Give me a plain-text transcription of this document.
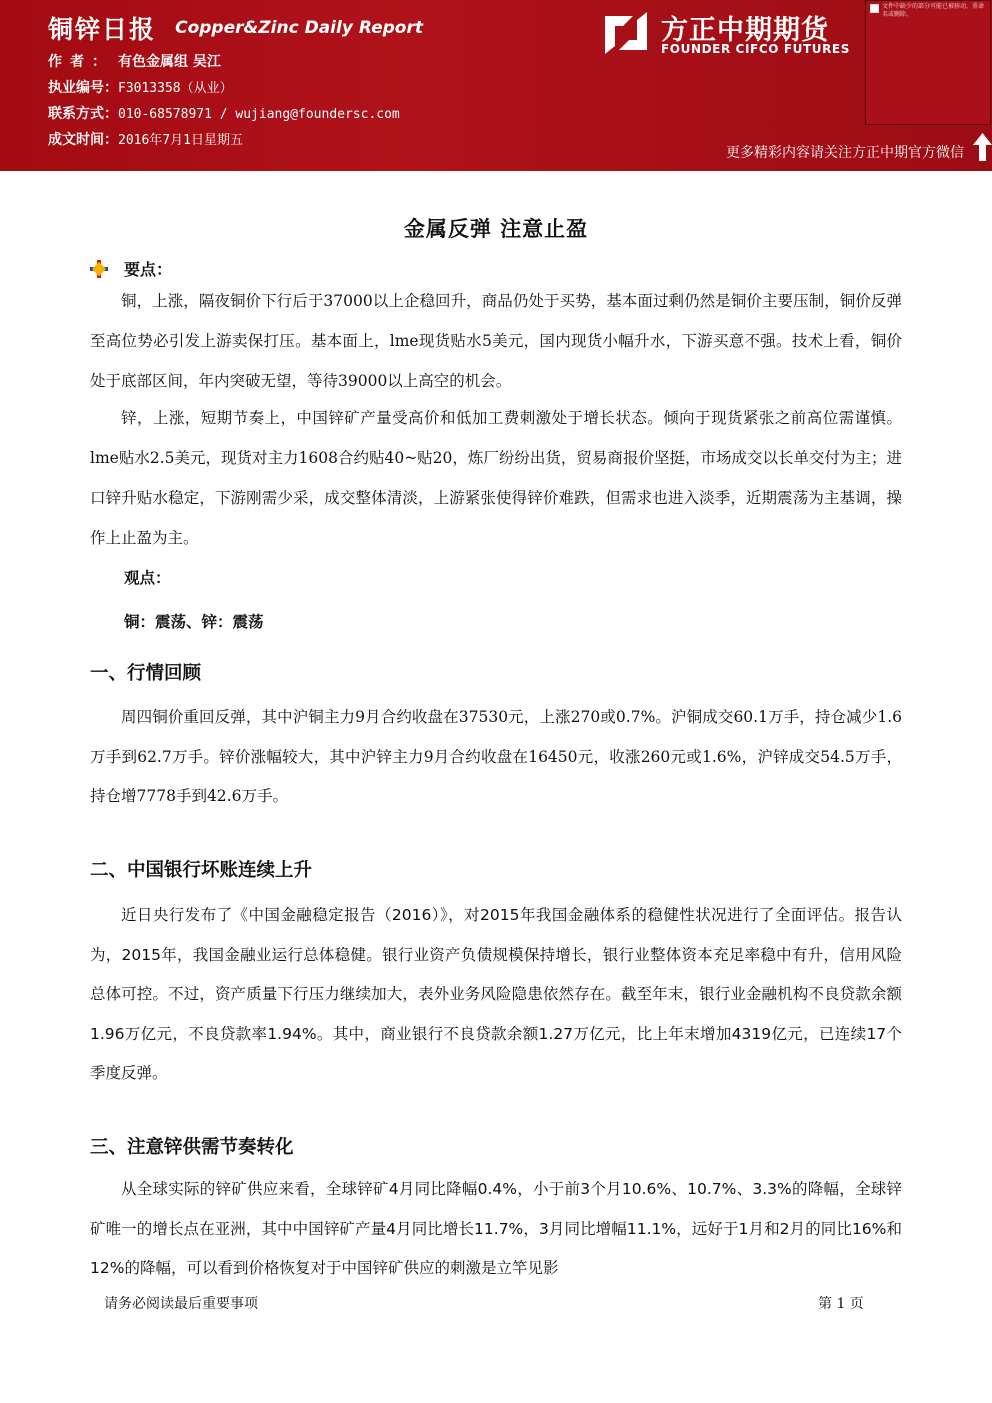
铜锌日报 Copper&Zinc Daily Report
作者： 有色金属组 吴江
执业编号：F3013358（从业）
联系方式：010-68578971 / wujiang@foundersc.com
成文时间：2016年7月1日星期五
方正中期期货
FOUNDER CIFCO FUTURES
文件中缺少的部分可能已被移动、重命名或删除。
更多精彩内容请关注方正中期官方微信
金属反弹 注意止盈
要点：

铜，上涨，隔夜铜价下行后于37000以上企稳回升，商品仍处于买势，基本面过剩仍然是铜价主要压制，铜价反弹至高位势必引发上游卖保打压。基本面上，lme现货贴水5美元，国内现货小幅升水，下游买意不强。技术上看，铜价处于底部区间，年内突破无望，等待39000以上高空的机会。

锌，上涨，短期节奏上，中国锌矿产量受高价和低加工费刺激处于增长状态。倾向于现货紧张之前高位需谨慎。lme贴水2.5美元，现货对主力1608合约贴40~贴20，炼厂纷纷出货，贸易商报价坚挺，市场成交以长单交付为主；进口锌升贴水稳定，下游刚需少采，成交整体清淡，上游紧张使得锌价难跌，但需求也进入淡季，近期震荡为主基调，操作上止盈为主。

观点：
铜：震荡、锌：震荡
一、行情回顾

周四铜价重回反弹，其中沪铜主力9月合约收盘在37530元，上涨270或0.7%。沪铜成交60.1万手，持仓减少1.6万手到62.7万手。锌价涨幅较大，其中沪锌主力9月合约收盘在16450元，收涨260元或1.6%，沪锌成交54.5万手，持仓增7778手到42.6万手。

二、中国银行坏账连续上升

近日央行发布了《中国金融稳定报告（2016）》，对2015年我国金融体系的稳健性状况进行了全面评估。报告认为，2015年，我国金融业运行总体稳健。银行业资产负债规模保持增长，银行业整体资本充足率稳中有升，信用风险总体可控。不过，资产质量下行压力继续加大，表外业务风险隐患依然存在。截至年末，银行业金融机构不良贷款余额1.96万亿元，不良贷款率1.94%。其中，商业银行不良贷款余额1.27万亿元，比上年末增加4319亿元，已连续17个季度反弹。

三、注意锌供需节奏转化

从全球实际的锌矿供应来看，全球锌矿4月同比降幅0.4%，小于前3个月10.6%、10.7%、3.3%的降幅，全球锌矿唯一的增长点在亚洲，其中中国锌矿产量4月同比增长11.7%，3月同比增幅11.1%，远好于1月和2月的同比16%和12%的降幅，可以看到价格恢复对于中国锌矿供应的刺激是立竿见影

请务必阅读最后重要事项	第 1 页
